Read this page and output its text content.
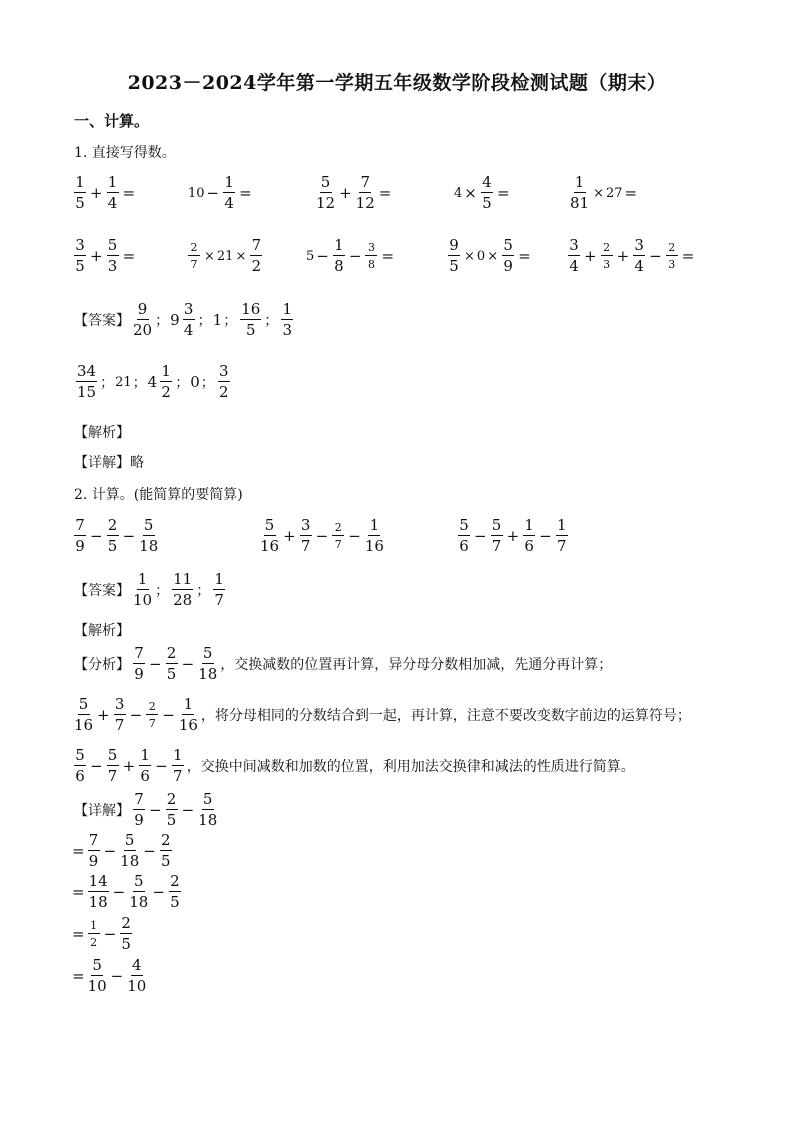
2023－2024学年第一学期五年级数学阶段检测试题（期末）
一、计算。
1. 直接写得数。
$\frac{1}{5} + \frac{1}{4}$ =	$10 - \frac{1}{4}$ =	$\frac{5}{12} + \frac{7}{12}$ =	$4 \times \frac{4}{5}$ =	$\frac{1}{81} \times 27$ =
$\frac{3}{5} + \frac{5}{3}$ =	$\frac{2}{7} \times 21 \times \frac{7}{2}$	$5 - \frac{1}{8} - \frac{3}{8}$ =	$\frac{9}{5} \times 0 \times \frac{5}{9} = \frac{3}{4} + \frac{2}{3} + \frac{3}{4} - \frac{2}{3}$ =
【答案】 $\frac{9}{20}$ ； $9 \frac{3}{4}$ ； 1 ； $\frac{16}{5}$ ； $\frac{1}{3}$
$\frac{34}{15}$ ； 21 ； $4 \frac{1}{2}$ ； 0 ； $\frac{3}{2}$
【解析】
【详解】略
2. 计算。(能简算的要简算)
$\frac{7}{9} - \frac{2}{5} - \frac{5}{18}$	$\frac{5}{16} + \frac{3}{7} - \frac{2}{7} - \frac{1}{16}$	$\frac{5}{6} - \frac{5}{7} + \frac{1}{6} - \frac{1}{7}$
【答案】 $\frac{1}{10}$ ； $\frac{11}{28}$ ； $\frac{1}{7}$
【解析】
【分析】 $\frac{7}{9} - \frac{2}{5} - \frac{5}{18}$ ，交换减数的位置再计算，异分母分数相加减，先通分再计算；
$\frac{5}{16} + \frac{3}{7} - \frac{2}{7} - \frac{1}{16}$ ，将分母相同的分数结合到一起，再计算，注意不要改变数字前边的运算符号；
$\frac{5}{6} - \frac{5}{7} + \frac{1}{6} - \frac{1}{7}$ ，交换中间减数和加数的位置，利用加法交换律和减法的性质进行简算。
【详解】 $\frac{7}{9} - \frac{2}{5} - \frac{5}{18}$
= $\frac{7}{9} - \frac{5}{18} - \frac{2}{5}$
= $\frac{14}{18} - \frac{5}{18} - \frac{2}{5}$
= $\frac{1}{2} - \frac{2}{5}$
= $\frac{5}{10} - \frac{4}{10}$
